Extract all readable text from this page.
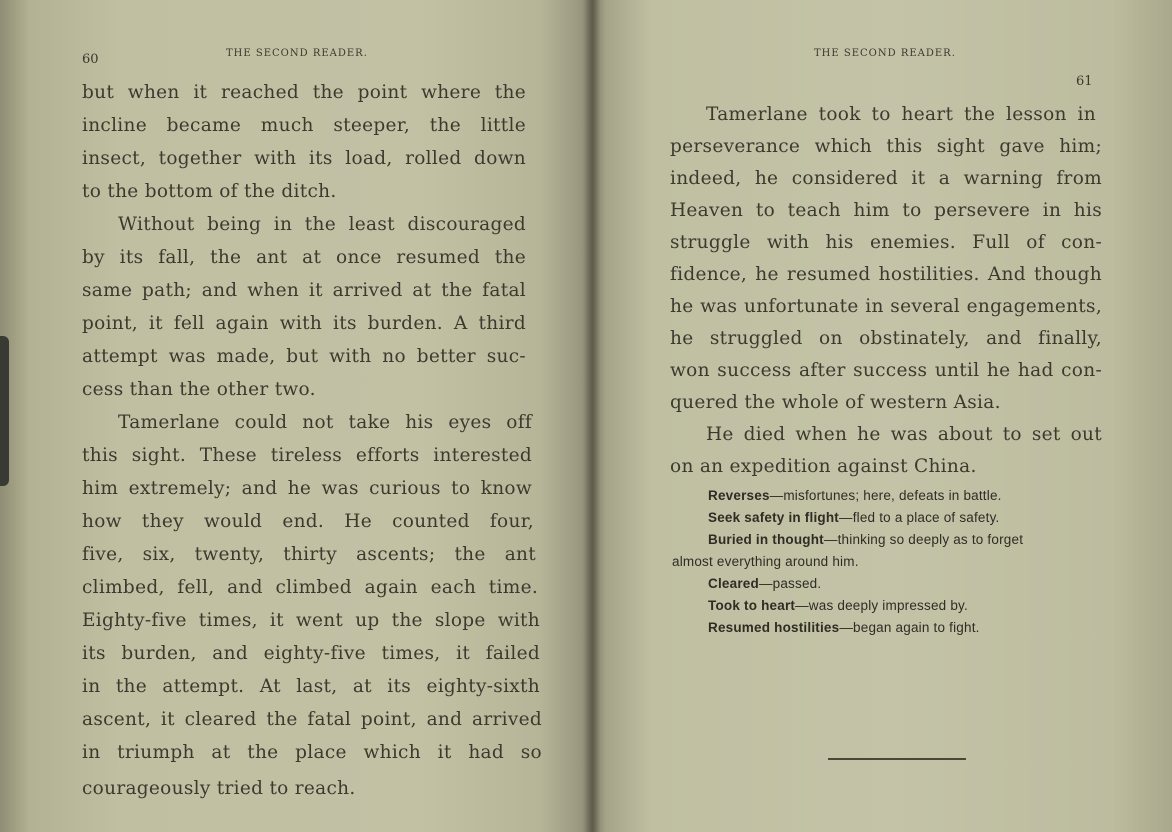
60	THE SECOND READER.
but when it reached the point where the
incline became much steeper, the little
insect, together with its load, rolled down
to the bottom of the ditch.
Without being in the least discouraged
by its fall, the ant at once resumed the
same path; and when it arrived at the fatal
point, it fell again with its burden. A third
attempt was made, but with no better suc-
cess than the other two.
Tamerlane could not take his eyes off
this sight. These tireless efforts interested
him extremely; and he was curious to know
how they would end. He counted four,
five, six, twenty, thirty ascents; the ant
climbed, fell, and climbed again each time.
Eighty-five times, it went up the slope with
its burden, and eighty-five times, it failed
in the attempt. At last, at its eighty-sixth
ascent, it cleared the fatal point, and arrived
in triumph at the place which it had so
courageously tried to reach.
THE SECOND READER.
61
Tamerlane took to heart the lesson in
perseverance which this sight gave him;
indeed, he considered it a warning from
Heaven to teach him to persevere in his
struggle with his enemies. Full of con-
fidence, he resumed hostilities. And though
he was unfortunate in several engagements,
he struggled on obstinately, and finally,
won success after success until he had con-
quered the whole of western Asia.
He died when he was about to set out
on an expedition against China.
Reverses—misfortunes; here, defeats in battle.
Seek safety in flight—fled to a place of safety.
Buried in thought—thinking so deeply as to forget
almost everything around him.
Cleared—passed.
Took to heart—was deeply impressed by.
Resumed hostilities—began again to fight.
